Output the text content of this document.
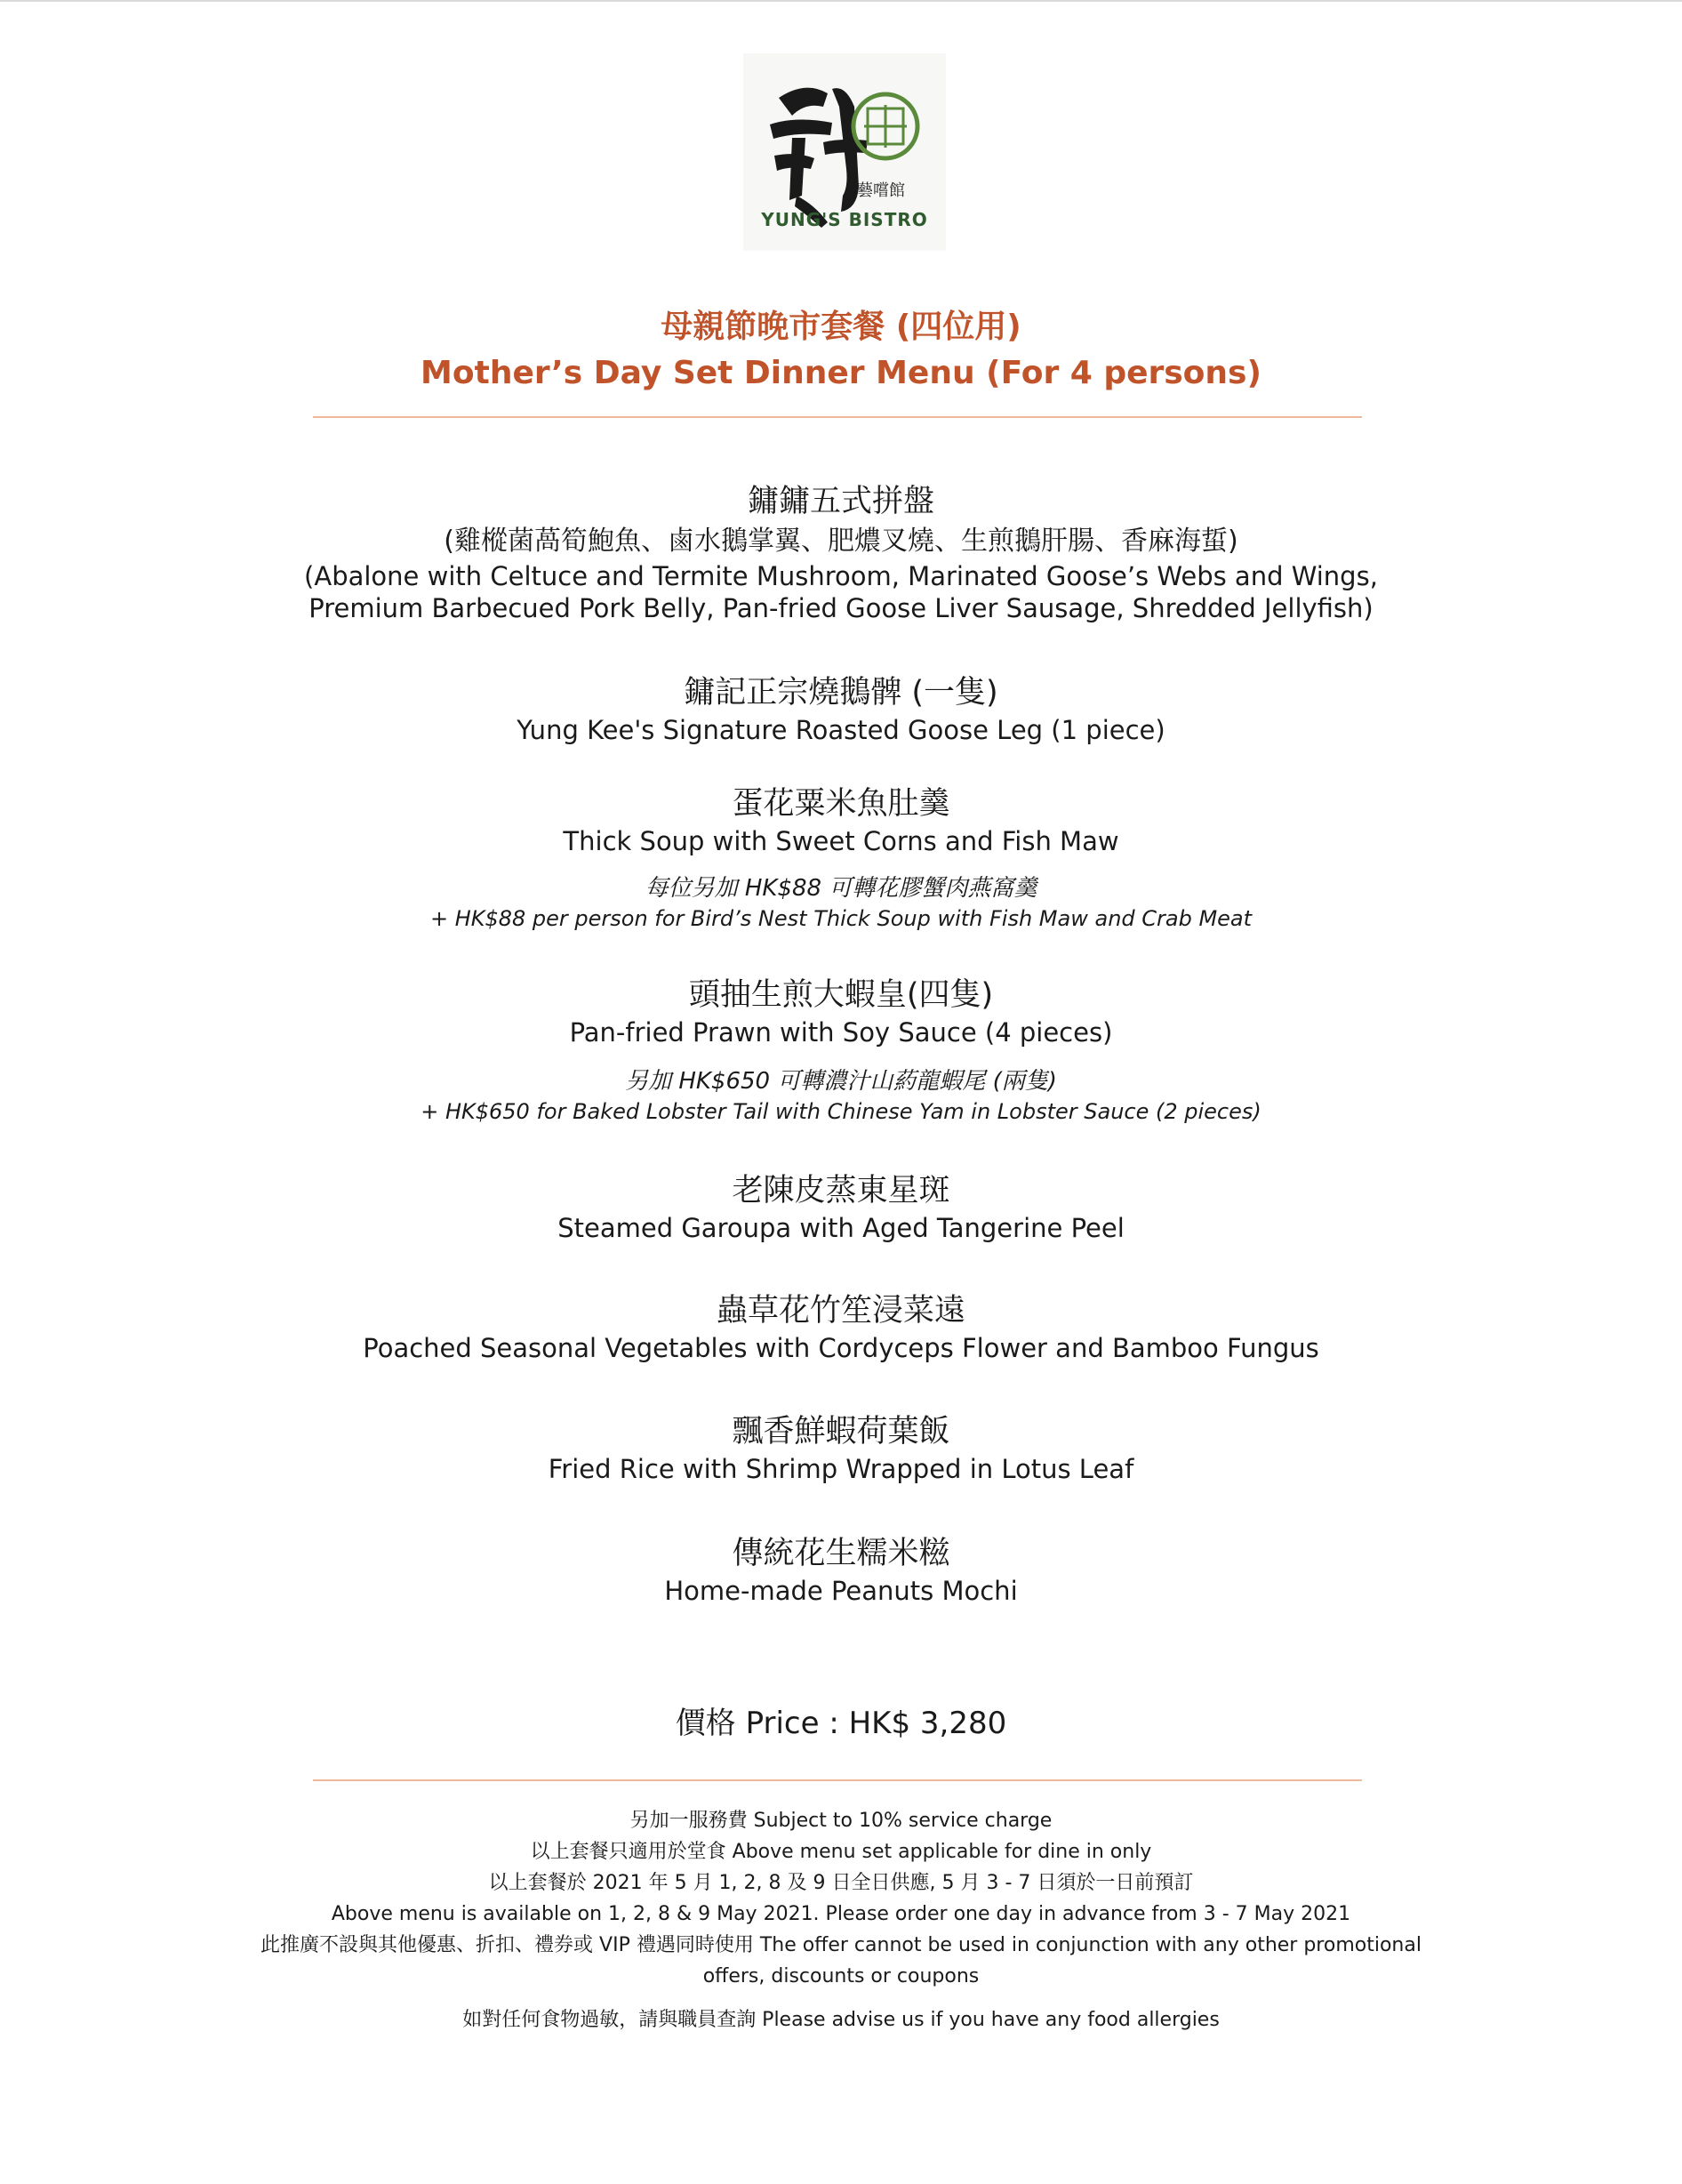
藝嚐館
YUNG'S BISTRO
母親節晚市套餐 (四位用)
Mother’s Day Set Dinner Menu (For 4 persons)
鏞鏞五式拼盤
(雞樅菌萵筍鮑魚、鹵水鵝掌翼、肥燶叉燒、生煎鵝肝腸、香麻海蜇)
(Abalone with Celtuce and Termite Mushroom, Marinated Goose’s Webs and Wings,
Premium Barbecued Pork Belly, Pan-fried Goose Liver Sausage, Shredded Jellyfish)
鏞記正宗燒鵝髀 (一隻)
Yung Kee's Signature Roasted Goose Leg (1 piece)
蛋花粟米魚肚羹
Thick Soup with Sweet Corns and Fish Maw
每位另加 HK$88 可轉花膠蟹肉燕窩羹
+ HK$88 per person for Bird’s Nest Thick Soup with Fish Maw and Crab Meat
頭抽生煎大蝦皇(四隻)
Pan-fried Prawn with Soy Sauce (4 pieces)
另加 HK$650 可轉濃汁山葯龍蝦尾 (兩隻)
+ HK$650 for Baked Lobster Tail with Chinese Yam in Lobster Sauce (2 pieces)
老陳皮蒸東星斑
Steamed Garoupa with Aged Tangerine Peel
蟲草花竹笙浸菜遠
Poached Seasonal Vegetables with Cordyceps Flower and Bamboo Fungus
飄香鮮蝦荷葉飯
Fried Rice with Shrimp Wrapped in Lotus Leaf
傳統花生糯米糍
Home-made Peanuts Mochi
價格 Price : HK$ 3,280
另加一服務費 Subject to 10% service charge
以上套餐只適用於堂食 Above menu set applicable for dine in only
以上套餐於 2021 年 5 月 1, 2, 8 及 9 日全日供應, 5 月 3 - 7 日須於一日前預訂
Above menu is available on 1, 2, 8 & 9 May 2021. Please order one day in advance from 3 - 7 May 2021
此推廣不設與其他優惠、折扣、禮券或 VIP 禮遇同時使用 The offer cannot be used in conjunction with any other promotional
offers, discounts or coupons
如對任何食物過敏，請與職員查詢 Please advise us if you have any food allergies
